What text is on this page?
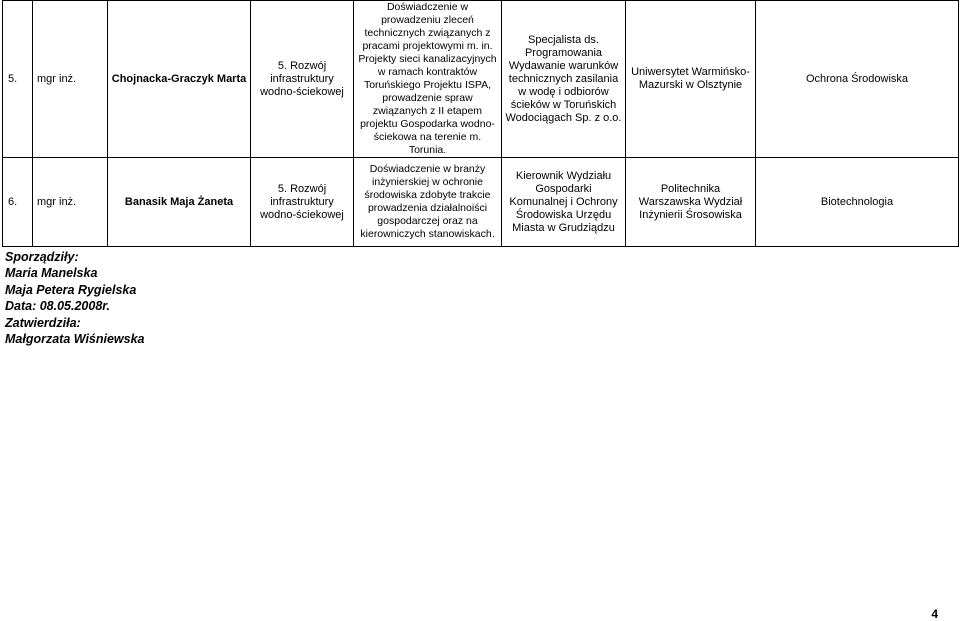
5.	mgr inż.	Chojnacka-Graczyk Marta	5. Rozwój infrastruktury wodno-ściekowej	Doświadczenie w prowadzeniu zleceń technicznych związanych z pracami projektowymi m. in. Projekty sieci kanalizacyjnych w ramach kontraktów Toruńskiego Projektu ISPA, prowadzenie spraw związanych z II etapem projektu Gospodarka wodno-ściekowa na terenie m. Torunia.	Specjalista ds. Programowania Wydawanie warunków technicznych zasilania w wodę i odbiorów ścieków w Toruńskich Wodociągach Sp. z o.o.	Uniwersytet Warmińsko-Mazurski w Olsztynie	Ochrona Środowiska
6.	mgr inż.	Banasik Maja Żaneta	5. Rozwój infrastruktury wodno-ściekowej	Doświadczenie w branży inżynierskiej w ochronie środowiska zdobyte trakcie prowadzenia działalnoiści gospodarczej oraz na kierowniczych stanowiskach.	Kierownik Wydziału Gospodarki Komunalnej i Ochrony Środowiska Urzędu Miasta w Grudziądzu	Politechnika Warszawska Wydział Inżynierii Śrosowiska	Biotechnologia
Sporządziły:
Maria Manelska
Maja Petera Rygielska
Data: 08.05.2008r.
Zatwierdziła:
Małgorzata Wiśniewska
4
